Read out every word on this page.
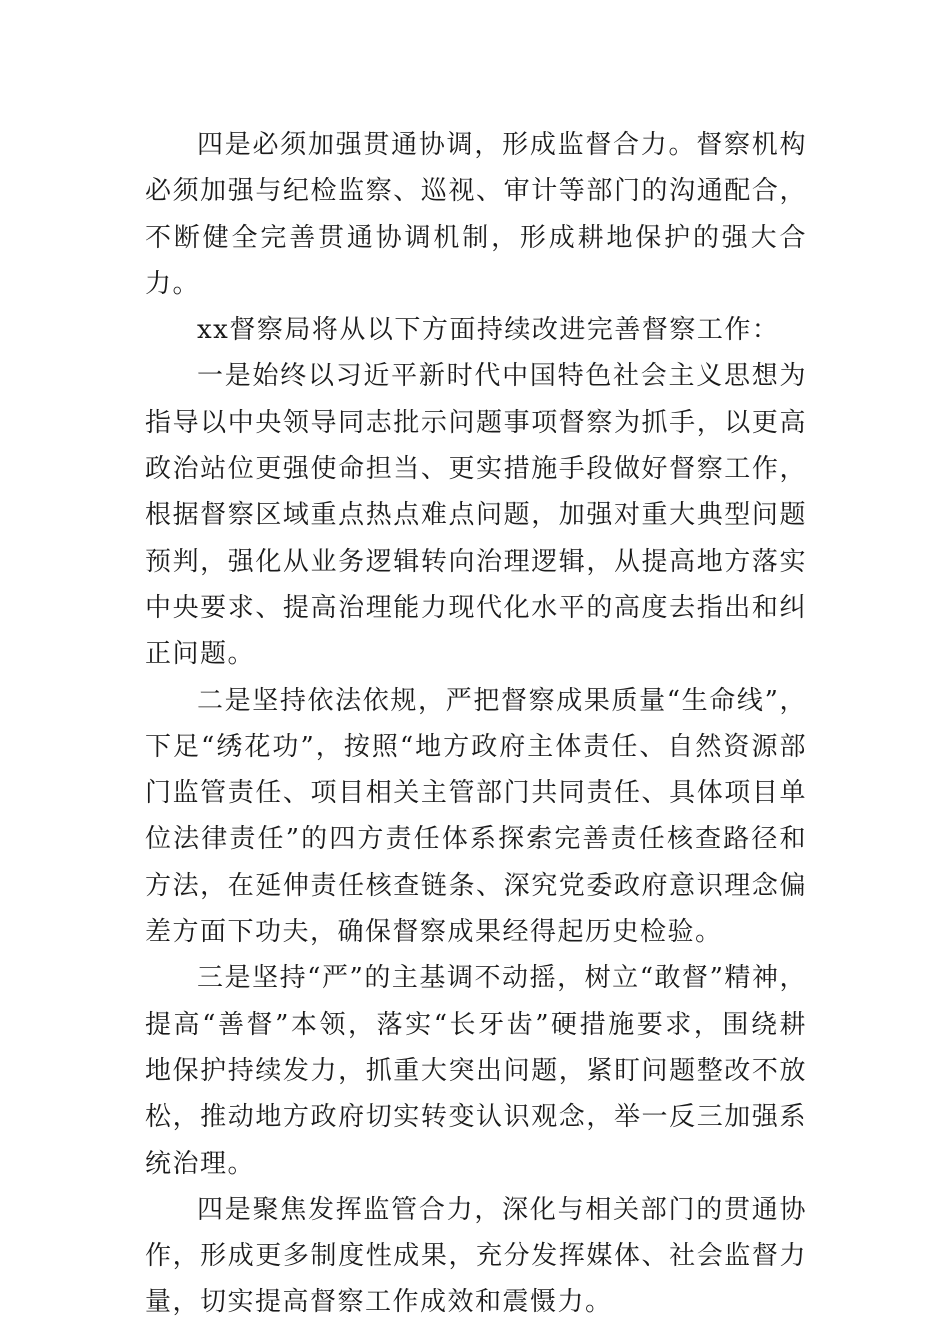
四是必须加强贯通协调，形成监督合力。督察机构必须加强与纪检监察、巡视、审计等部门的沟通配合，不断健全完善贯通协调机制，形成耕地保护的强大合力。

xx督察局将从以下方面持续改进完善督察工作：

一是始终以习近平新时代中国特色社会主义思想为指导以中央领导同志批示问题事项督察为抓手，以更高政治站位更强使命担当、更实措施手段做好督察工作，根据督察区域重点热点难点问题，加强对重大典型问题预判，强化从业务逻辑转向治理逻辑，从提高地方落实中央要求、提高治理能力现代化水平的高度去指出和纠正问题。

二是坚持依法依规，严把督察成果质量“生命线”，下足“绣花功”，按照“地方政府主体责任、自然资源部门监管责任、项目相关主管部门共同责任、具体项目单位法律责任”的四方责任体系探索完善责任核查路径和方法，在延伸责任核查链条、深究党委政府意识理念偏差方面下功夫，确保督察成果经得起历史检验。

三是坚持“严”的主基调不动摇，树立“敢督”精神，提高“善督”本领，落实“长牙齿”硬措施要求，围绕耕地保护持续发力，抓重大突出问题，紧盯问题整改不放松，推动地方政府切实转变认识观念，举一反三加强系统治理。

四是聚焦发挥监管合力，深化与相关部门的贯通协作，形成更多制度性成果，充分发挥媒体、社会监督力量，切实提高督察工作成效和震慑力。
